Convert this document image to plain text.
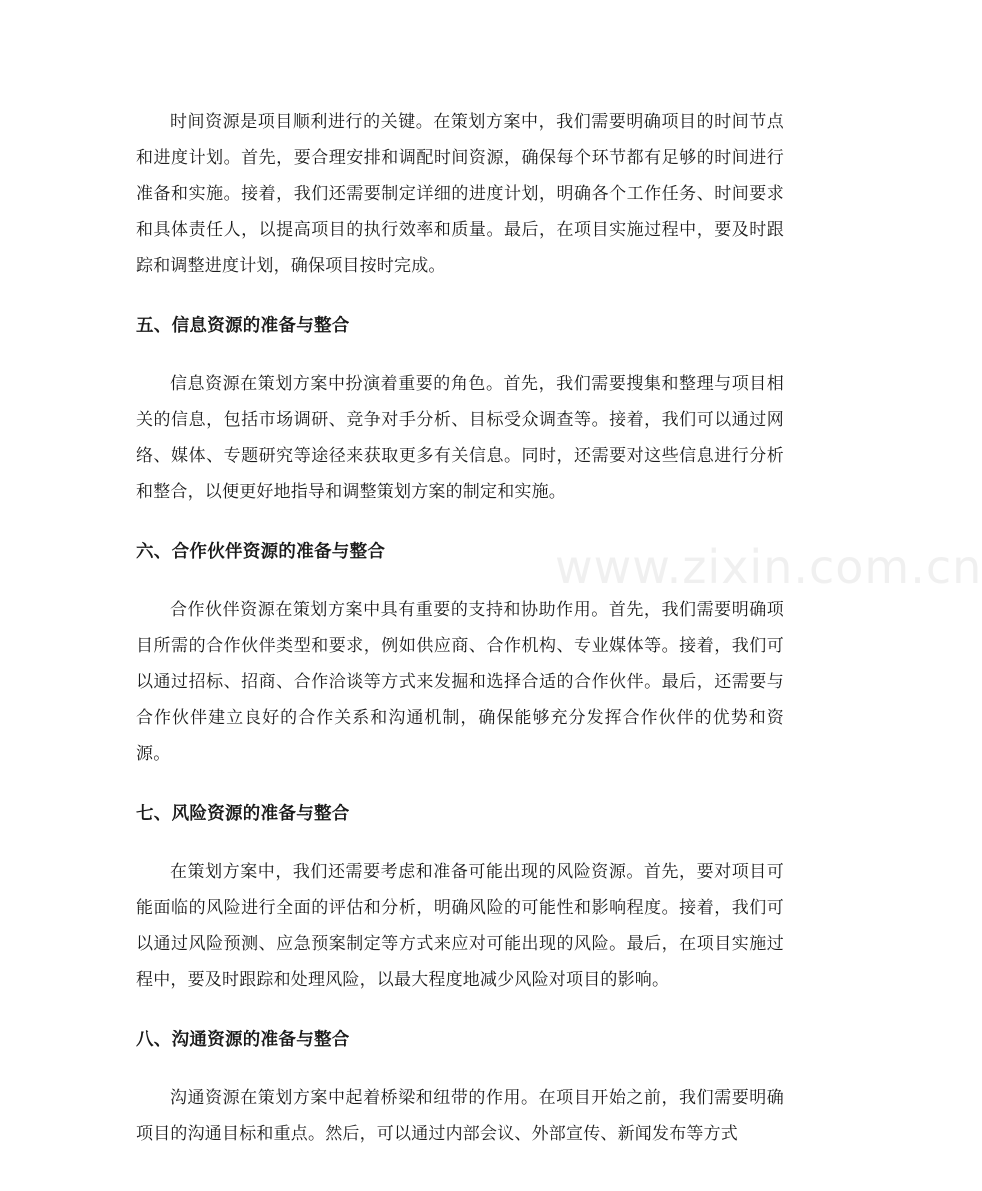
时间资源是项目顺利进行的关键。在策划方案中，我们需要明确项目的时间节点和进度计划。首先，要合理安排和调配时间资源，确保每个环节都有足够的时间进行准备和实施。接着，我们还需要制定详细的进度计划，明确各个工作任务、时间要求和具体责任人，以提高项目的执行效率和质量。最后，在项目实施过程中，要及时跟踪和调整进度计划，确保项目按时完成。

五、信息资源的准备与整合

信息资源在策划方案中扮演着重要的角色。首先，我们需要搜集和整理与项目相关的信息，包括市场调研、竞争对手分析、目标受众调查等。接着，我们可以通过网络、媒体、专题研究等途径来获取更多有关信息。同时，还需要对这些信息进行分析和整合，以便更好地指导和调整策划方案的制定和实施。

六、合作伙伴资源的准备与整合

合作伙伴资源在策划方案中具有重要的支持和协助作用。首先，我们需要明确项目所需的合作伙伴类型和要求，例如供应商、合作机构、专业媒体等。接着，我们可以通过招标、招商、合作洽谈等方式来发掘和选择合适的合作伙伴。最后，还需要与合作伙伴建立良好的合作关系和沟通机制，确保能够充分发挥合作伙伴的优势和资源。

七、风险资源的准备与整合

在策划方案中，我们还需要考虑和准备可能出现的风险资源。首先，要对项目可能面临的风险进行全面的评估和分析，明确风险的可能性和影响程度。接着，我们可以通过风险预测、应急预案制定等方式来应对可能出现的风险。最后，在项目实施过程中，要及时跟踪和处理风险，以最大程度地减少风险对项目的影响。

八、沟通资源的准备与整合

沟通资源在策划方案中起着桥梁和纽带的作用。在项目开始之前，我们需要明确项目的沟通目标和重点。然后，可以通过内部会议、外部宣传、新闻发布等方式

www.zixin.com.cn
